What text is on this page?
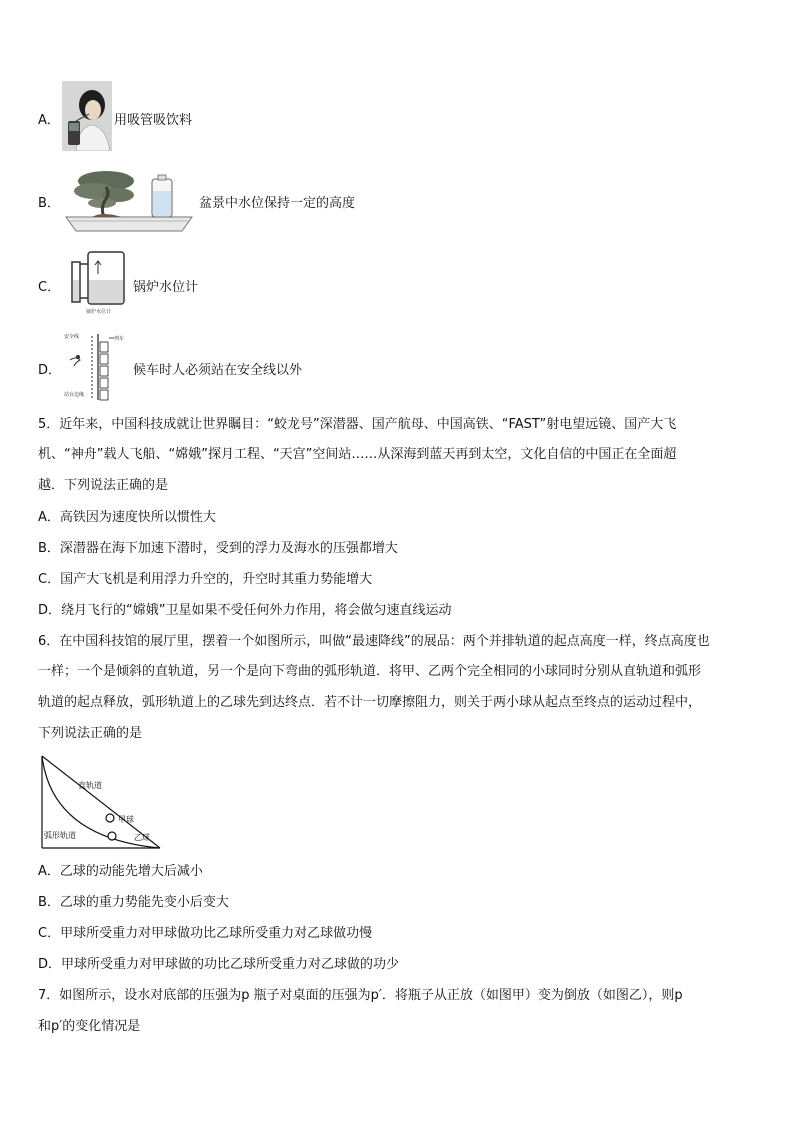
A．	用吸管吸饮料
B．	盆景中水位保持一定的高度
C．
锅炉水位计
锅炉水位计
D．
安全线	列车
站台边缘
候车时人必须站在安全线以外
5．近年来，中国科技成就让世界瞩目：“蛟龙号”深潜器、国产航母、中国高铁、“FAST”射电望远镜、国产大飞
机、“神舟”载人飞船、“嫦娥”探月工程、“天宫”空间站……从深海到蓝天再到太空，文化自信的中国正在全面超
越．下列说法正确的是
A．高铁因为速度快所以惯性大
B．深潜器在海下加速下潜时，受到的浮力及海水的压强都增大
C．国产大飞机是利用浮力升空的，升空时其重力势能增大
D．绕月飞行的“嫦娥”卫星如果不受任何外力作用，将会做匀速直线运动
6．在中国科技馆的展厅里，摆着一个如图所示，叫做“最速降线”的展品：两个并排轨道的起点高度一样，终点高度也
一样；一个是倾斜的直轨道，另一个是向下弯曲的弧形轨道．将甲、乙两个完全相同的小球同时分别从直轨道和弧形
轨道的起点释放，弧形轨道上的乙球先到达终点．若不计一切摩擦阻力，则关于两小球从起点至终点的运动过程中，
下列说法正确的是
直轨道
甲球
弧形轨道	乙球
A．乙球的动能先增大后减小
B．乙球的重力势能先变小后变大
C．甲球所受重力对甲球做功比乙球所受重力对乙球做功慢
D．甲球所受重力对甲球做的功比乙球所受重力对乙球做的功少
7．如图所示，设水对底部的压强为p 瓶子对桌面的压强为p′．将瓶子从正放（如图甲）变为倒放（如图乙），则p
和p′的变化情况是
